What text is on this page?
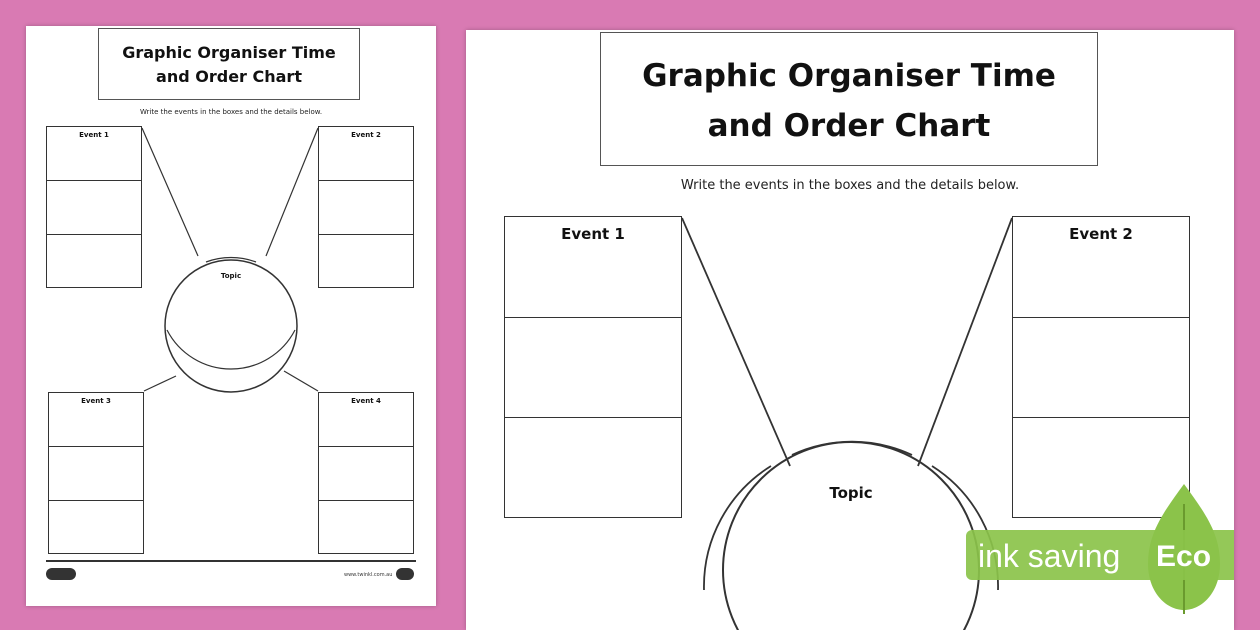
Graphic Organiser Time
and Order Chart
Write the events in the boxes and the details below.
Topic
Event 1	Event 2
Event 3	Event 4
www.twinkl.com.au
Graphic Organiser Time
and Order Chart
Write the events in the boxes and the details below.
Topic
Event 1	Event 2
ink saving Eco
